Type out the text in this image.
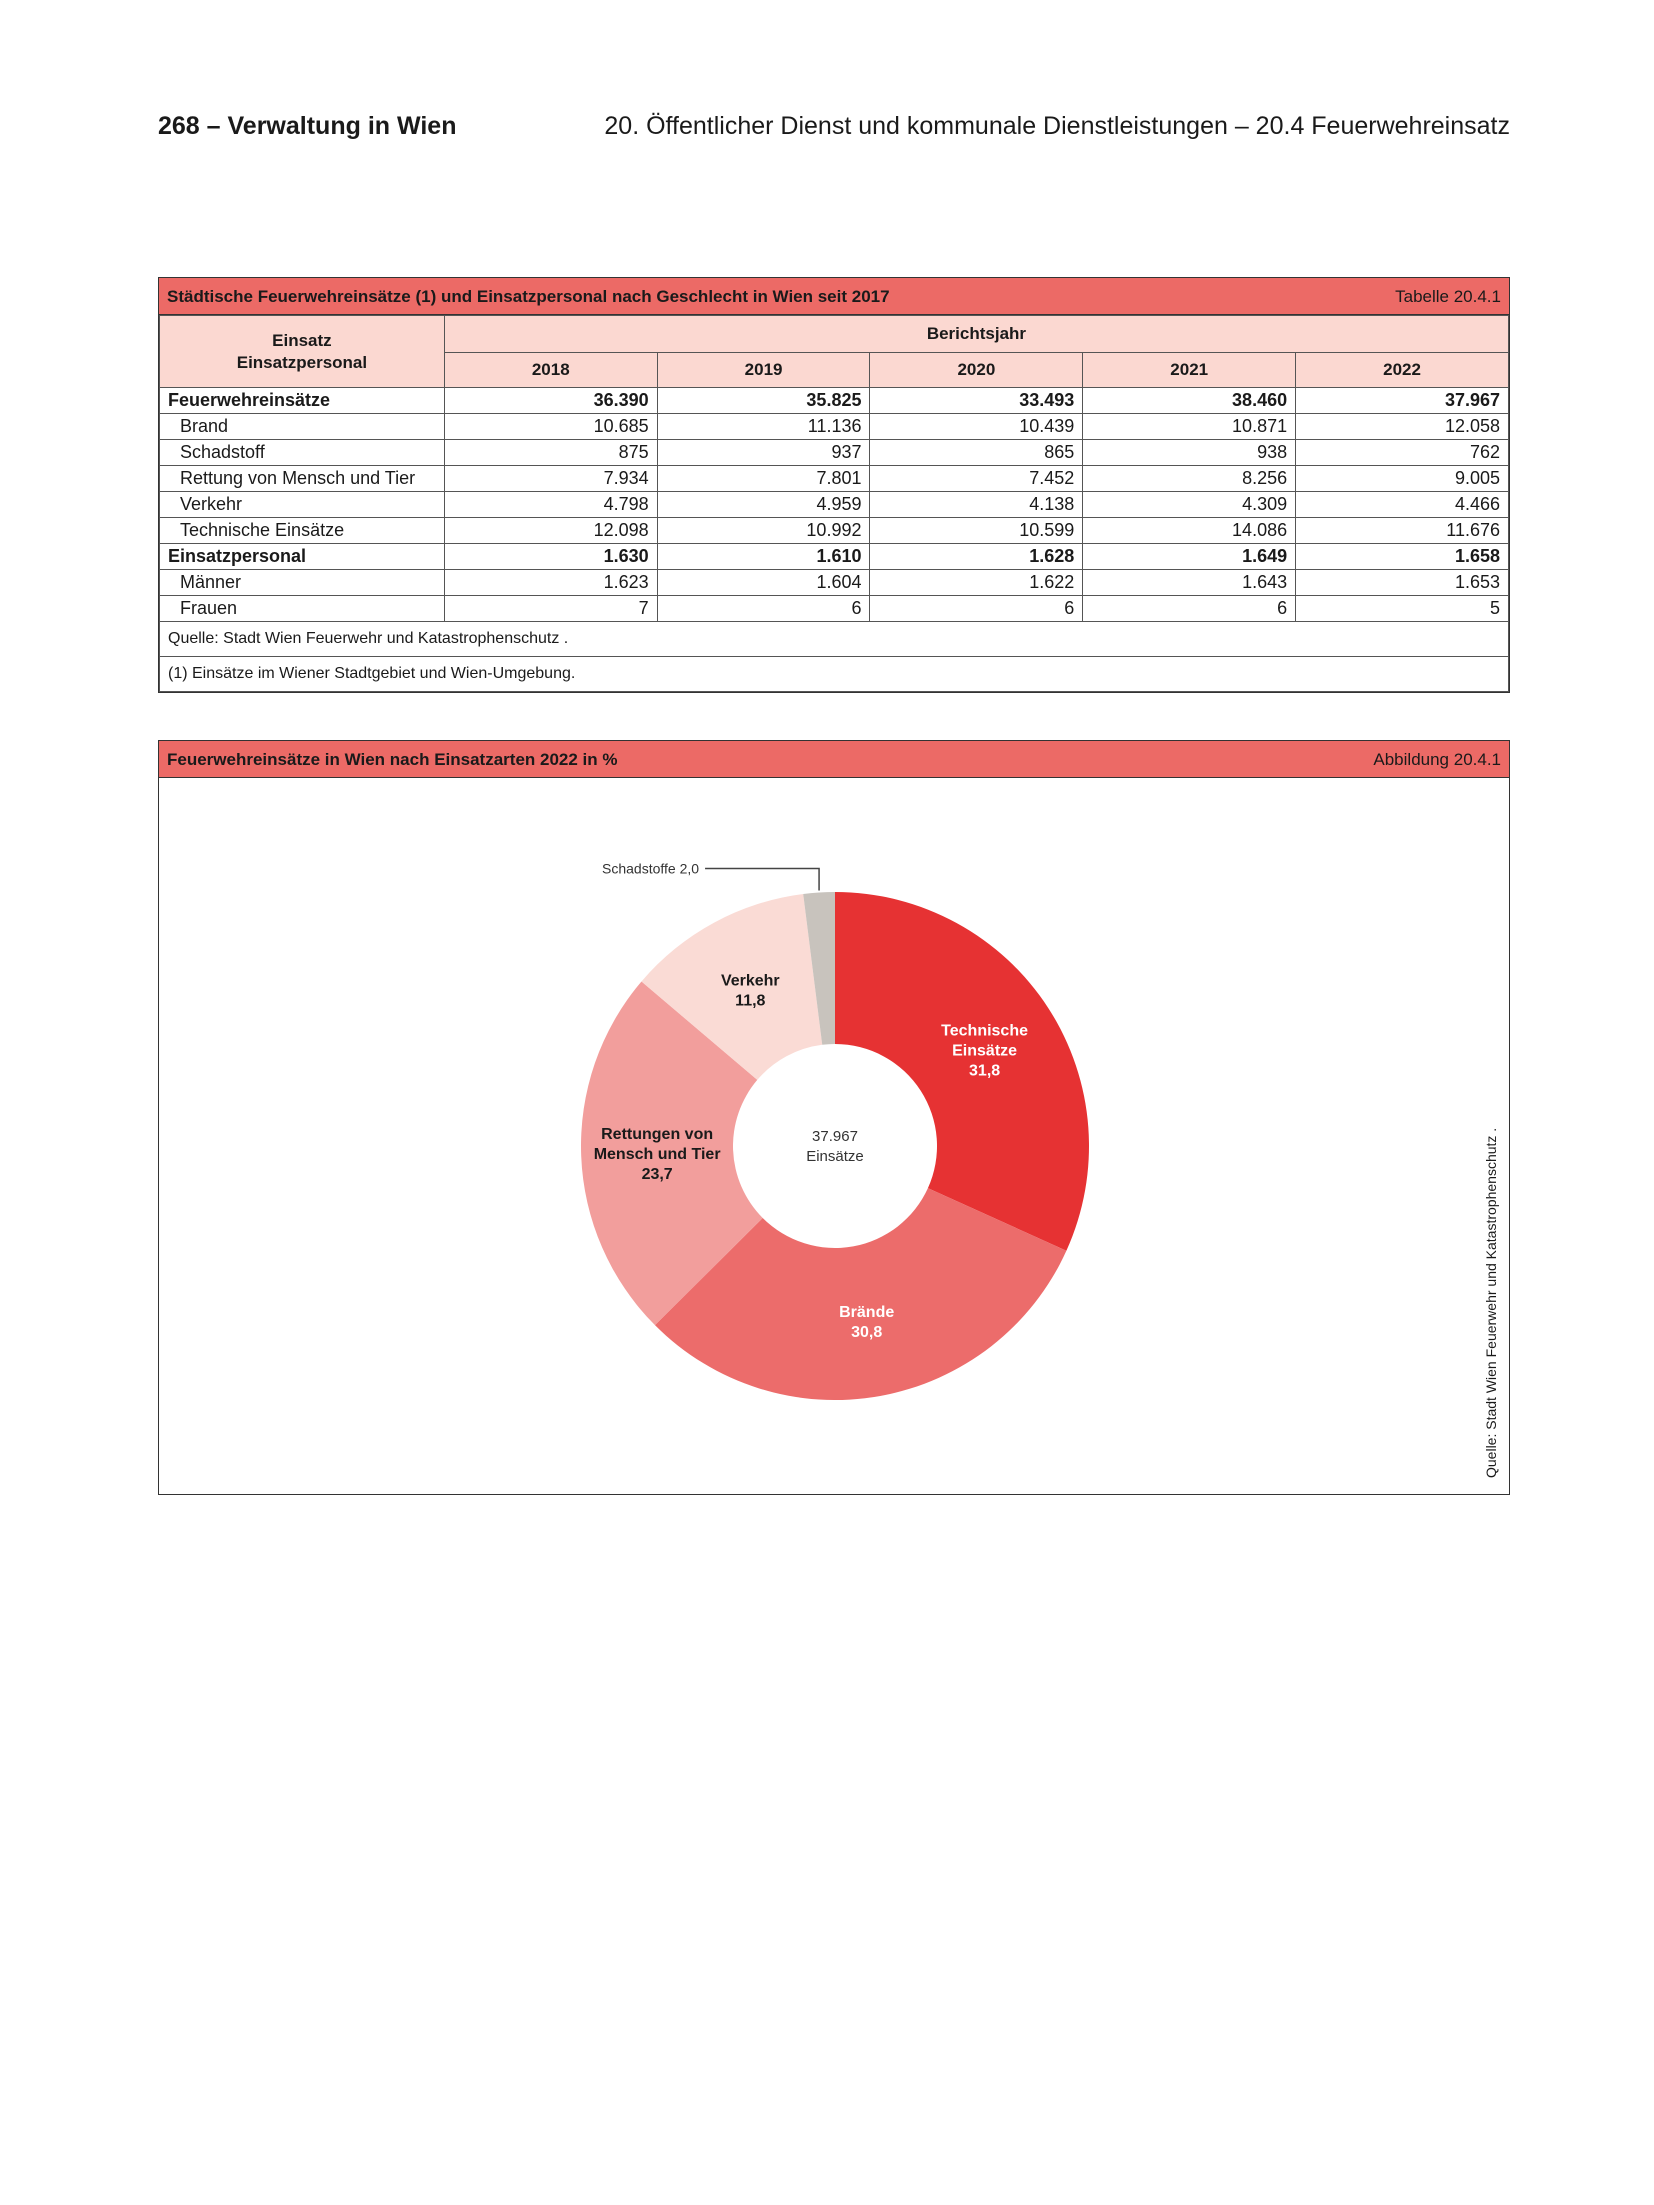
268 – Verwaltung in Wien	20. Öffentlicher Dienst und kommunale Dienstleistungen – 20.4 Feuerwehreinsatz
Städtische Feuerwehreinsätze (1) und Einsatzpersonal nach Geschlecht in Wien seit 2017	Tabelle 20.4.1
Einsatz
Einsatzpersonal	Berichtsjahr				
	2018	2019	2020	2021	2022
Feuerwehreinsätze	36.390	35.825	33.493	38.460	37.967
Brand	10.685	11.136	10.439	10.871	12.058
Schadstoff	875	937	865	938	762
Rettung von Mensch und Tier	7.934	7.801	7.452	8.256	9.005
Verkehr	4.798	4.959	4.138	4.309	4.466
Technische Einsätze	12.098	10.992	10.599	14.086	11.676
Einsatzpersonal	1.630	1.610	1.628	1.649	1.658
Männer	1.623	1.604	1.622	1.643	1.653
Frauen	7	6	6	6	5
Quelle: Stadt Wien Feuerwehr und Katastrophenschutz .					
(1) Einsätze im Wiener Stadtgebiet und Wien-Umgebung.					
Feuerwehreinsätze in Wien nach Einsatzarten 2022 in %	Abbildung 20.4.1
Technische
Einsätze
31,8
Brände
30,8
Rettungen von
Mensch und Tier
23,7
Verkehr
11,8
Schadstoffe 2,0
37.967
Einsätze	Quelle: Stadt Wien Feuerwehr und Katastrophenschutz .
